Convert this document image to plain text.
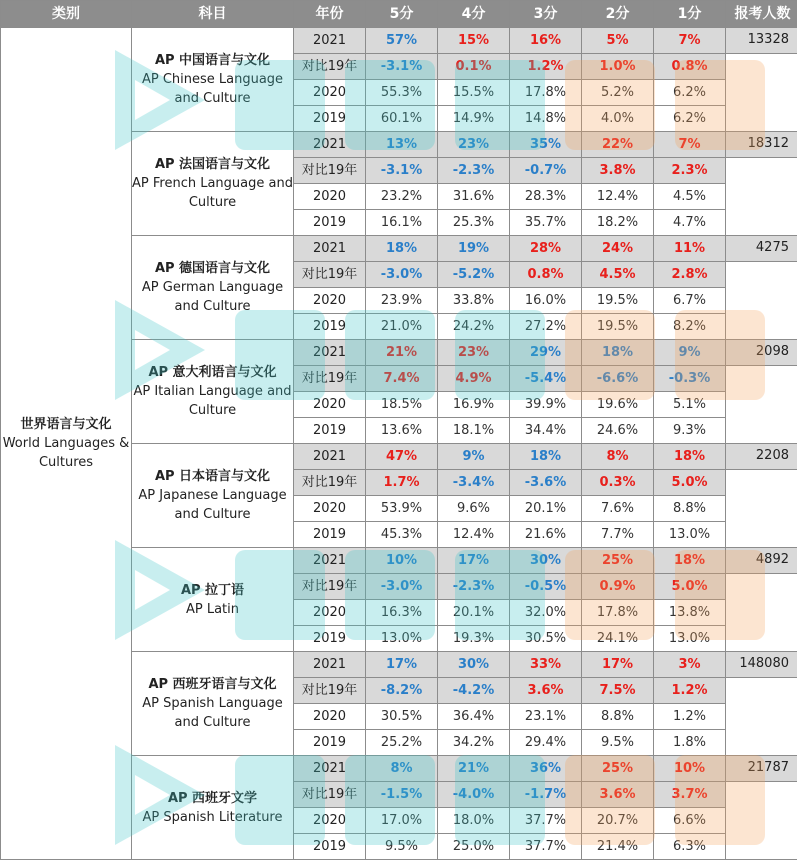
类别	科目	年份	5分	4分	3分	2分	1分	报考人数

世界语言与文化
World Languages & Cultures	AP 中国语言与文化
AP Chinese Language and Culture	2021	57%	15%	16%	5%	7%	13328
		对比19年	-3.1%	0.1%	1.2%	1.0%	0.8%	
		2020	55.3%	15.5%	17.8%	5.2%	6.2%	
		2019	60.1%	14.9%	14.8%	4.0%	6.2%	

	AP 法国语言与文化
AP French Language and Culture	2021	13%	23%	35%	22%	7%	18312
		对比19年	-3.1%	-2.3%	-0.7%	3.8%	2.3%	
		2020	23.2%	31.6%	28.3%	12.4%	4.5%	
		2019	16.1%	25.3%	35.7%	18.2%	4.7%	

	AP 德国语言与文化
AP German Language and Culture	2021	18%	19%	28%	24%	11%	4275
		对比19年	-3.0%	-5.2%	0.8%	4.5%	2.8%	
		2020	23.9%	33.8%	16.0%	19.5%	6.7%	
		2019	21.0%	24.2%	27.2%	19.5%	8.2%	

	AP 意大利语言与文化
AP Italian Language and Culture	2021	21%	23%	29%	18%	9%	2098
		对比19年	7.4%	4.9%	-5.4%	-6.6%	-0.3%	
		2020	18.5%	16.9%	39.9%	19.6%	5.1%	
		2019	13.6%	18.1%	34.4%	24.6%	9.3%	

	AP 日本语言与文化
AP Japanese Language and Culture	2021	47%	9%	18%	8%	18%	2208
		对比19年	1.7%	-3.4%	-3.6%	0.3%	5.0%	
		2020	53.9%	9.6%	20.1%	7.6%	8.8%	
		2019	45.3%	12.4%	21.6%	7.7%	13.0%	

	AP 拉丁语
AP Latin	2021	10%	17%	30%	25%	18%	4892
		对比19年	-3.0%	-2.3%	-0.5%	0.9%	5.0%	
		2020	16.3%	20.1%	32.0%	17.8%	13.8%	
		2019	13.0%	19.3%	30.5%	24.1%	13.0%	

	AP 西班牙语言与文化
AP Spanish Language and Culture	2021	17%	30%	33%	17%	3%	148080
		对比19年	-8.2%	-4.2%	3.6%	7.5%	1.2%	
		2020	30.5%	36.4%	23.1%	8.8%	1.2%	
		2019	25.2%	34.2%	29.4%	9.5%	1.8%	

	AP 西班牙文学
AP Spanish Literature	2021	8%	21%	36%	25%	10%	21787
		对比19年	-1.5%	-4.0%	-1.7%	3.6%	3.7%	
		2020	17.0%	18.0%	37.7%	20.7%	6.6%	
		2019	9.5%	25.0%	37.7%	21.4%	6.3%	
